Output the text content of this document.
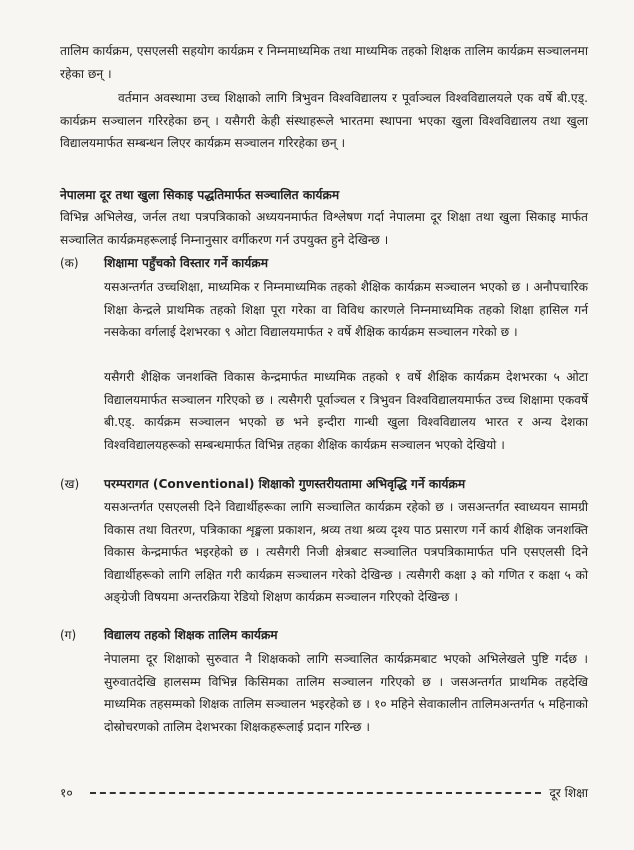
तालिम कार्यक्रम, एसएलसी सहयोग कार्यक्रम र निम्नमाध्यमिक तथा माध्यमिक तहको शिक्षक तालिम कार्यक्रम सञ्चालनमा रहेका छन् ।
वर्तमान अवस्थामा उच्च शिक्षाको लागि त्रिभुवन विश्वविद्यालय र पूर्वाञ्चल विश्वविद्यालयले एक वर्षे बी.एड्. कार्यक्रम सञ्चालन गरिरहेका छन् । यसैगरी केही संस्थाहरूले भारतमा स्थापना भएका खुला विश्वविद्यालय तथा खुला विद्यालयमार्फत सम्बन्धन लिएर कार्यक्रम सञ्चालन गरिरहेका छन् ।
नेपालमा दूर तथा खुला सिकाइ पद्धतिमार्फत सञ्चालित कार्यक्रम
विभिन्न अभिलेख, जर्नल तथा पत्रपत्रिकाको अध्ययनमार्फत विश्लेषण गर्दा नेपालमा दूर शिक्षा तथा खुला सिकाइ मार्फत सञ्चालित कार्यक्रमहरूलाई निम्नानुसार वर्गीकरण गर्न उपयुक्त हुने देखिन्छ ।
(क) शिक्षामा पहुँचको विस्तार गर्ने कार्यक्रम
यसअन्तर्गत उच्चशिक्षा, माध्यमिक र निम्नमाध्यमिक तहको शैक्षिक कार्यक्रम सञ्चालन भएको छ । अनौपचारिक शिक्षा केन्द्रले प्राथमिक तहको शिक्षा पूरा गरेका वा विविध कारणले निम्नमाध्यमिक तहको शिक्षा हासिल गर्न नसकेका वर्गलाई देशभरका ९ ओटा विद्यालयमार्फत २ वर्षे शैक्षिक कार्यक्रम सञ्चालन गरेको छ ।
यसैगरी शैक्षिक जनशक्ति विकास केन्द्रमार्फत माध्यमिक तहको १ वर्षे शैक्षिक कार्यक्रम देशभरका ५ ओटा विद्यालयमार्फत सञ्चालन गरिएको छ । त्यसैगरी पूर्वाञ्चल र त्रिभुवन विश्वविद्यालयमार्फत उच्च शिक्षामा एकवर्षे बी.एड्. कार्यक्रम सञ्चालन भएको छ भने इन्दीरा गान्धी खुला विश्वविद्यालय भारत र अन्य देशका विश्वविद्यालयहरूको सम्बन्धमार्फत विभिन्न तहका शैक्षिक कार्यक्रम सञ्चालन भएको देखियो ।
(ख) परम्परागत (Conventional) शिक्षाको गुणस्तरीयतामा अभिवृद्धि गर्ने कार्यक्रम
यसअन्तर्गत एसएलसी दिने विद्यार्थीहरूका लागि सञ्चालित कार्यक्रम रहेको छ । जसअन्तर्गत स्वाध्ययन सामग्री विकास तथा वितरण, पत्रिकाका शृङ्खला प्रकाशन, श्रव्य तथा श्रव्य दृश्य पाठ प्रसारण गर्ने कार्य शैक्षिक जनशक्ति विकास केन्द्रमार्फत भइरहेको छ । त्यसैगरी निजी क्षेत्रबाट सञ्चालित पत्रपत्रिकामार्फत पनि एसएलसी दिने विद्यार्थीहरूको लागि लक्षित गरी कार्यक्रम सञ्चालन गरेको देखिन्छ । त्यसैगरी कक्षा ३ को गणित र कक्षा ५ को अङ्ग्रेजी विषयमा अन्तरक्रिया रेडियो शिक्षण कार्यक्रम सञ्चालन गरिएको देखिन्छ ।
(ग) विद्यालय तहको शिक्षक तालिम कार्यक्रम
नेपालमा दूर शिक्षाको सुरुवात नै शिक्षकको लागि सञ्चालित कार्यक्रमबाट भएको अभिलेखले पुष्टि गर्दछ । सुरुवातदेखि हालसम्म विभिन्न किसिमका तालिम सञ्चालन गरिएको छ । जसअन्तर्गत प्राथमिक तहदेखि माध्यमिक तहसम्मको शिक्षक तालिम सञ्चालन भइरहेको छ । १० महिने सेवाकालीन तालिमअन्तर्गत ५ महिनाको दोस्रोचरणको तालिम देशभरका शिक्षकहरूलाई प्रदान गरिन्छ ।
१०	दूर शिक्षा
